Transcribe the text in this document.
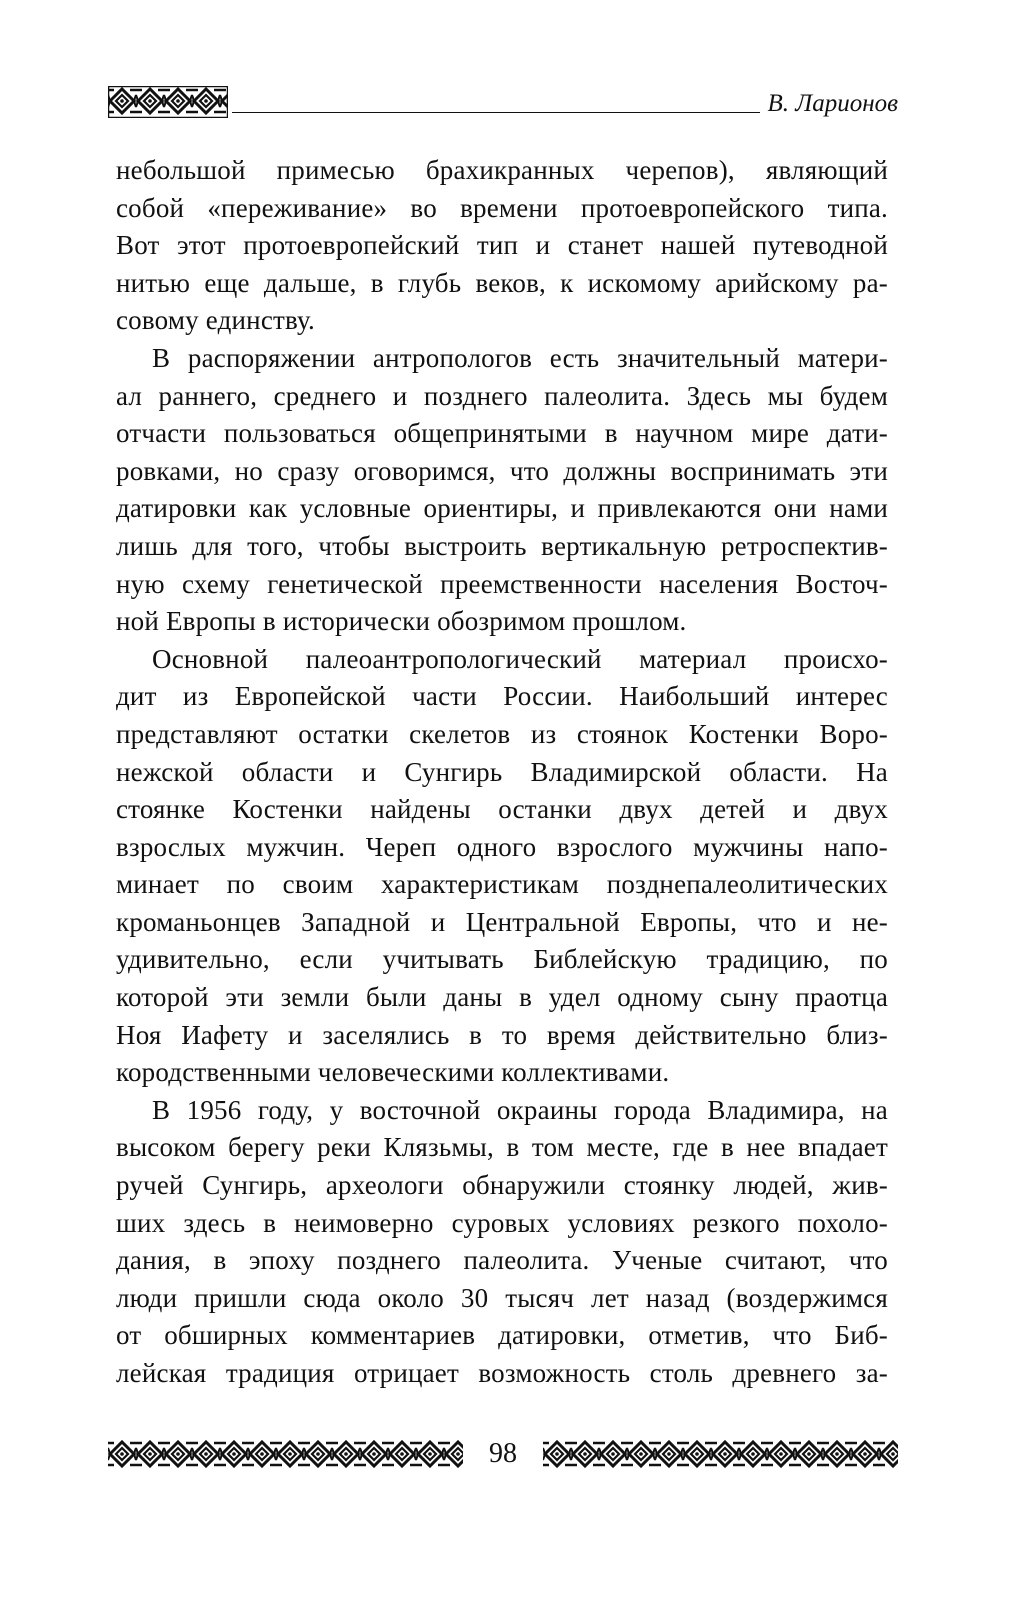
В. Ларионов
небольшой примесью брахикранных черепов), являющий
собой «переживание» во времени протоевропейского типа.
Вот этот протоевропейский тип и станет нашей путеводной
нитью еще дальше, в глубь веков, к искомому арийскому ра-
совому единству.
В распоряжении антропологов есть значительный матери-
ал раннего, среднего и позднего палеолита. Здесь мы будем
отчасти пользоваться общепринятыми в научном мире дати-
ровками, но сразу оговоримся, что должны воспринимать эти
датировки как условные ориентиры, и привлекаются они нами
лишь для того, чтобы выстроить вертикальную ретроспектив-
ную схему генетической преемственности населения Восточ-
ной Европы в исторически обозримом прошлом.
Основной палеоантропологический материал происхо-
дит из Европейской части России. Наибольший интерес
представляют остатки скелетов из стоянок Костенки Воро-
нежской области и Сунгирь Владимирской области. На
стоянке Костенки найдены останки двух детей и двух
взрослых мужчин. Череп одного взрослого мужчины напо-
минает по своим характеристикам позднепалеолитических
кроманьонцев Западной и Центральной Европы, что и не-
удивительно, если учитывать Библейскую традицию, по
которой эти земли были даны в удел одному сыну праотца
Ноя Иафету и заселялись в то время действительно близ-
кородственными человеческими коллективами.
В 1956 году, у восточной окраины города Владимира, на
высоком берегу реки Клязьмы, в том месте, где в нее впадает
ручей Сунгирь, археологи обнаружили стоянку людей, жив-
ших здесь в неимоверно суровых условиях резкого похоло-
дания, в эпоху позднего палеолита. Ученые считают, что
люди пришли сюда около 30 тысяч лет назад (воздержимся
от обширных комментариев датировки, отметив, что Биб-
лейская традиция отрицает возможность столь древнего за-
98
